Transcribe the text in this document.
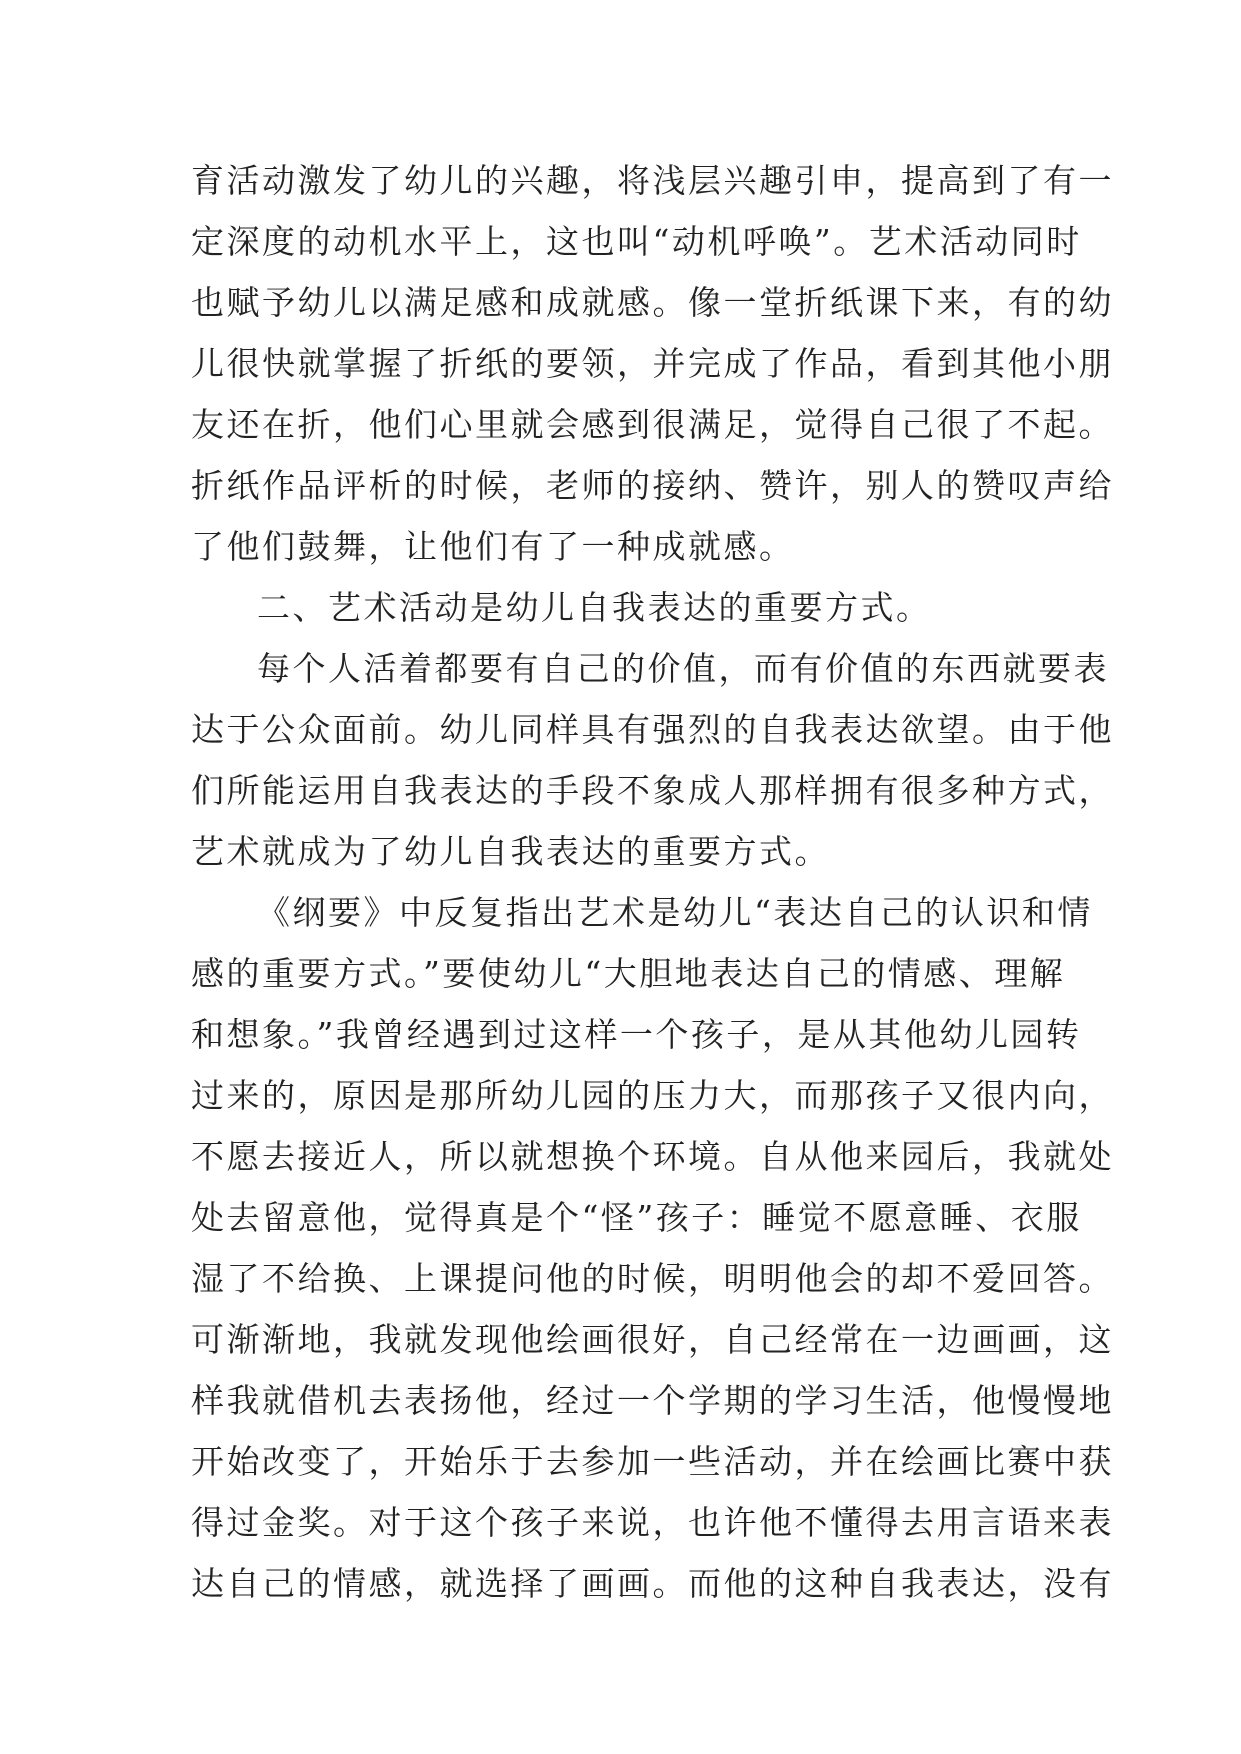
育活动激发了幼儿的兴趣，将浅层兴趣引申，提高到了有一
定深度的动机水平上，这也叫“动机呼唤”。艺术活动同时
也赋予幼儿以满足感和成就感。像一堂折纸课下来，有的幼
儿很快就掌握了折纸的要领，并完成了作品，看到其他小朋
友还在折，他们心里就会感到很满足，觉得自己很了不起。
折纸作品评析的时候，老师的接纳、赞许，别人的赞叹声给
了他们鼓舞，让他们有了一种成就感。
二、艺术活动是幼儿自我表达的重要方式。
每个人活着都要有自己的价值，而有价值的东西就要表
达于公众面前。幼儿同样具有强烈的自我表达欲望。由于他
们所能运用自我表达的手段不象成人那样拥有很多种方式，
艺术就成为了幼儿自我表达的重要方式。
《纲要》中反复指出艺术是幼儿“表达自己的认识和情
感的重要方式。”要使幼儿“大胆地表达自己的情感、理解
和想象。”我曾经遇到过这样一个孩子，是从其他幼儿园转
过来的，原因是那所幼儿园的压力大，而那孩子又很内向，
不愿去接近人，所以就想换个环境。自从他来园后，我就处
处去留意他，觉得真是个“怪”孩子：睡觉不愿意睡、衣服
湿了不给换、上课提问他的时候，明明他会的却不爱回答。
可渐渐地，我就发现他绘画很好，自己经常在一边画画，这
样我就借机去表扬他，经过一个学期的学习生活，他慢慢地
开始改变了，开始乐于去参加一些活动，并在绘画比赛中获
得过金奖。对于这个孩子来说，也许他不懂得去用言语来表
达自己的情感，就选择了画画。而他的这种自我表达，没有
